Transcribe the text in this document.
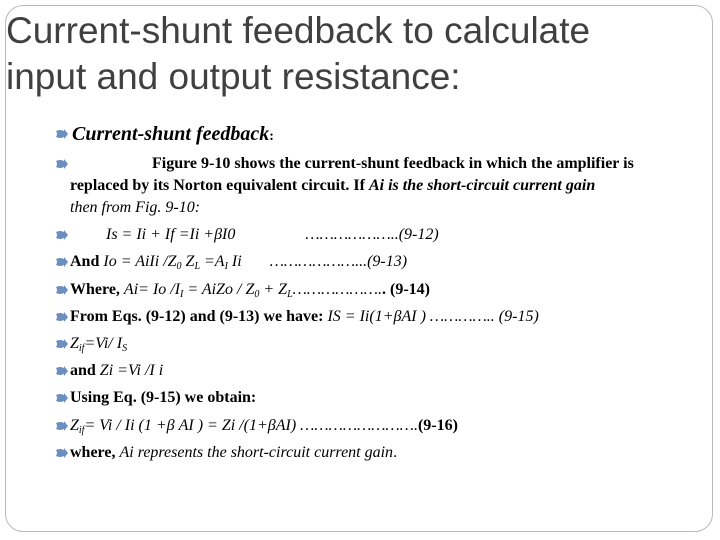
Current-shunt feedback to calculate
input and output resistance:
Current-shunt feedback:
Figure 9-10 shows the current-shunt feedback in which the amplifier is
replaced by its Norton equivalent circuit. If Ai is the short-circuit current gain
then from Fig. 9-10:
Is = Ii + If =Ii +βI0	………………..(9-12)
And Io = AiIi $/Z_0$ $Z_L =A_I$ Ii ………………...(9-13)
Where, Ai= Io $/I_I$ = AiZo / $Z_0$ + $Z_L\dots\dots\dots\dots\dots\dots$.. (9-14)
From Eqs. (9-12) and (9-13) we have: IS = Ii(1+βAI ) ………….. (9-15)
$Z_{if}=Vi/$ $I_S$
and Zi =Vi /I i
Using Eq. (9-15) we obtain:
$Z_{if}= Vi / Ii$ (1 +β AI ) = Zi /(1+βAI) …………………….(9-16)
where, Ai represents the short-circuit current gain.
